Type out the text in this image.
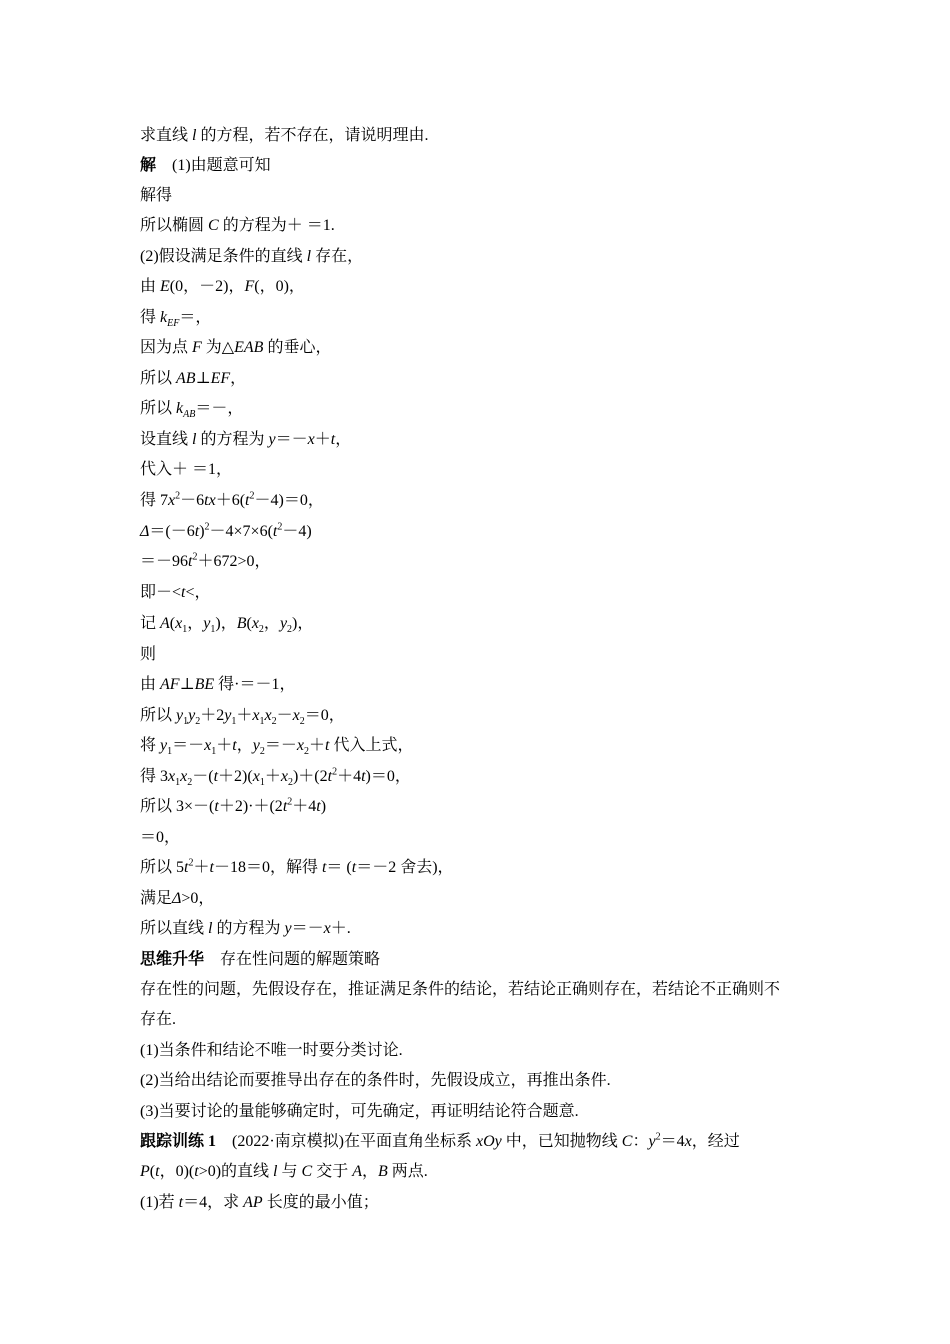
求直线 l 的方程，若不存在，请说明理由.
解 (1)由题意可知
解得
所以椭圆 C 的方程为＋ ＝1.
(2)假设满足条件的直线 l 存在，
由 E(0，－2)，F(，0)，
得 $k_{EF}=$，
因为点 F 为△EAB 的垂心，
所以 AB⊥EF，
所以 $k_{AB}=-$，
设直线 l 的方程为 y＝－x＋t，
代入＋ ＝1，
得 $7x^2-6tx+6(t^2-4)=0$，
$\Delta=(-6t)^2-4\times 7\times 6(t^2-4)$
$=-96t^2+672>0$，
即－<t<，
记 $A(x_1$，$y_1$)，$B(x_2$，$y_2$)，
则
由 AF⊥BE 得·＝－1，
所以 $y_1y_2+2y_1+x_1x_2-x_2=0$，
将 $y_1=-x_1+t$，$y_2=-x_2+t$ 代入上式，
得 $3x_1x_2-(t+2)(x_1+x_2)+(2t^2+4t)=0$，
所以 $3\times-(t+2)\cdot+(2t^2+4t)$
＝0，
所以 $5t^2+t-18=0$，解得 t＝ (t＝－2 舍去)，
满足Δ>0，
所以直线 l 的方程为 y＝－x＋.
思维升华 存在性问题的解题策略
存在性的问题，先假设存在，推证满足条件的结论，若结论正确则存在，若结论不正确则不
存在.
(1)当条件和结论不唯一时要分类讨论.
(2)当给出结论而要推导出存在的条件时，先假设成立，再推出条件.
(3)当要讨论的量能够确定时，可先确定，再证明结论符合题意.
跟踪训练 1 (2022·南京模拟)在平面直角坐标系 xOy 中，已知抛物线 C：$y^2=4x$，经过
P(t，0)(t>0)的直线 l 与 C 交于 A，B 两点.
(1)若 t＝4，求 AP 长度的最小值；
